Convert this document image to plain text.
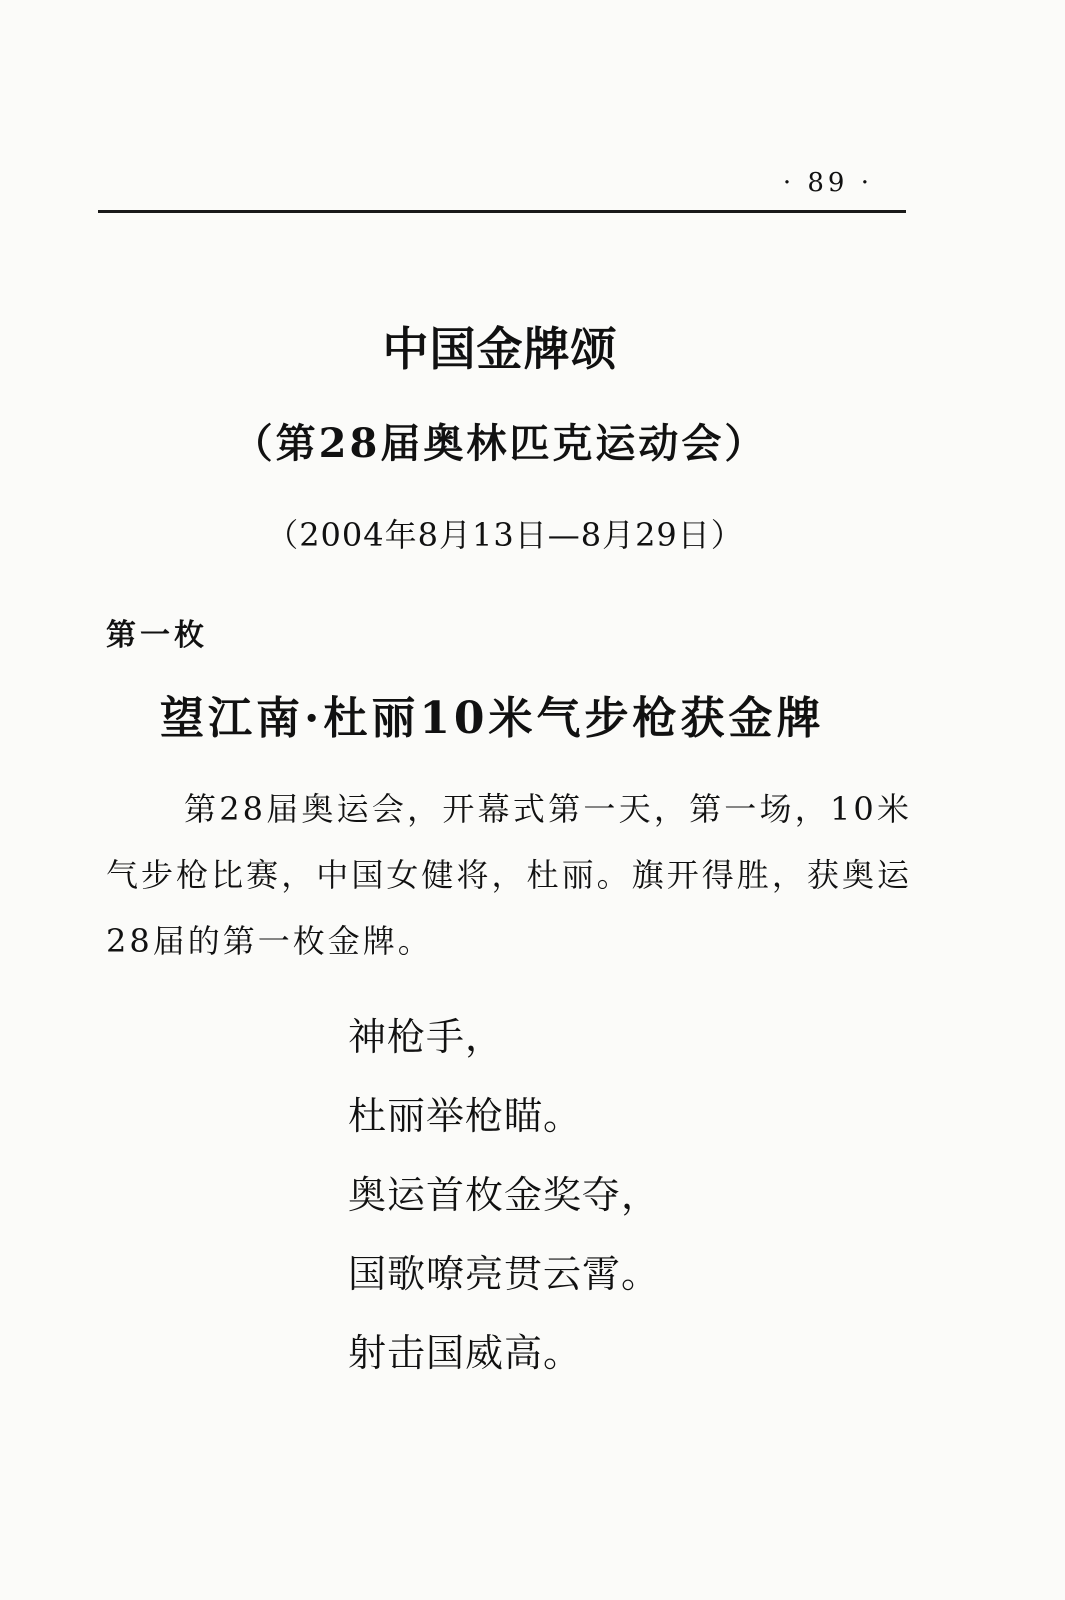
· 89 ·
中国金牌颂
（第28届奥林匹克运动会）
（2004年8月13日—8月29日）
第一枚
望江南·杜丽10米气步枪获金牌
第28届奥运会，开幕式第一天，第一场，10米气步枪比赛，中国女健将，杜丽。旗开得胜，获奥运28届的第一枚金牌。
神枪手，
杜丽举枪瞄。
奥运首枚金奖夺，
国歌嘹亮贯云霄。
射击国威高。
